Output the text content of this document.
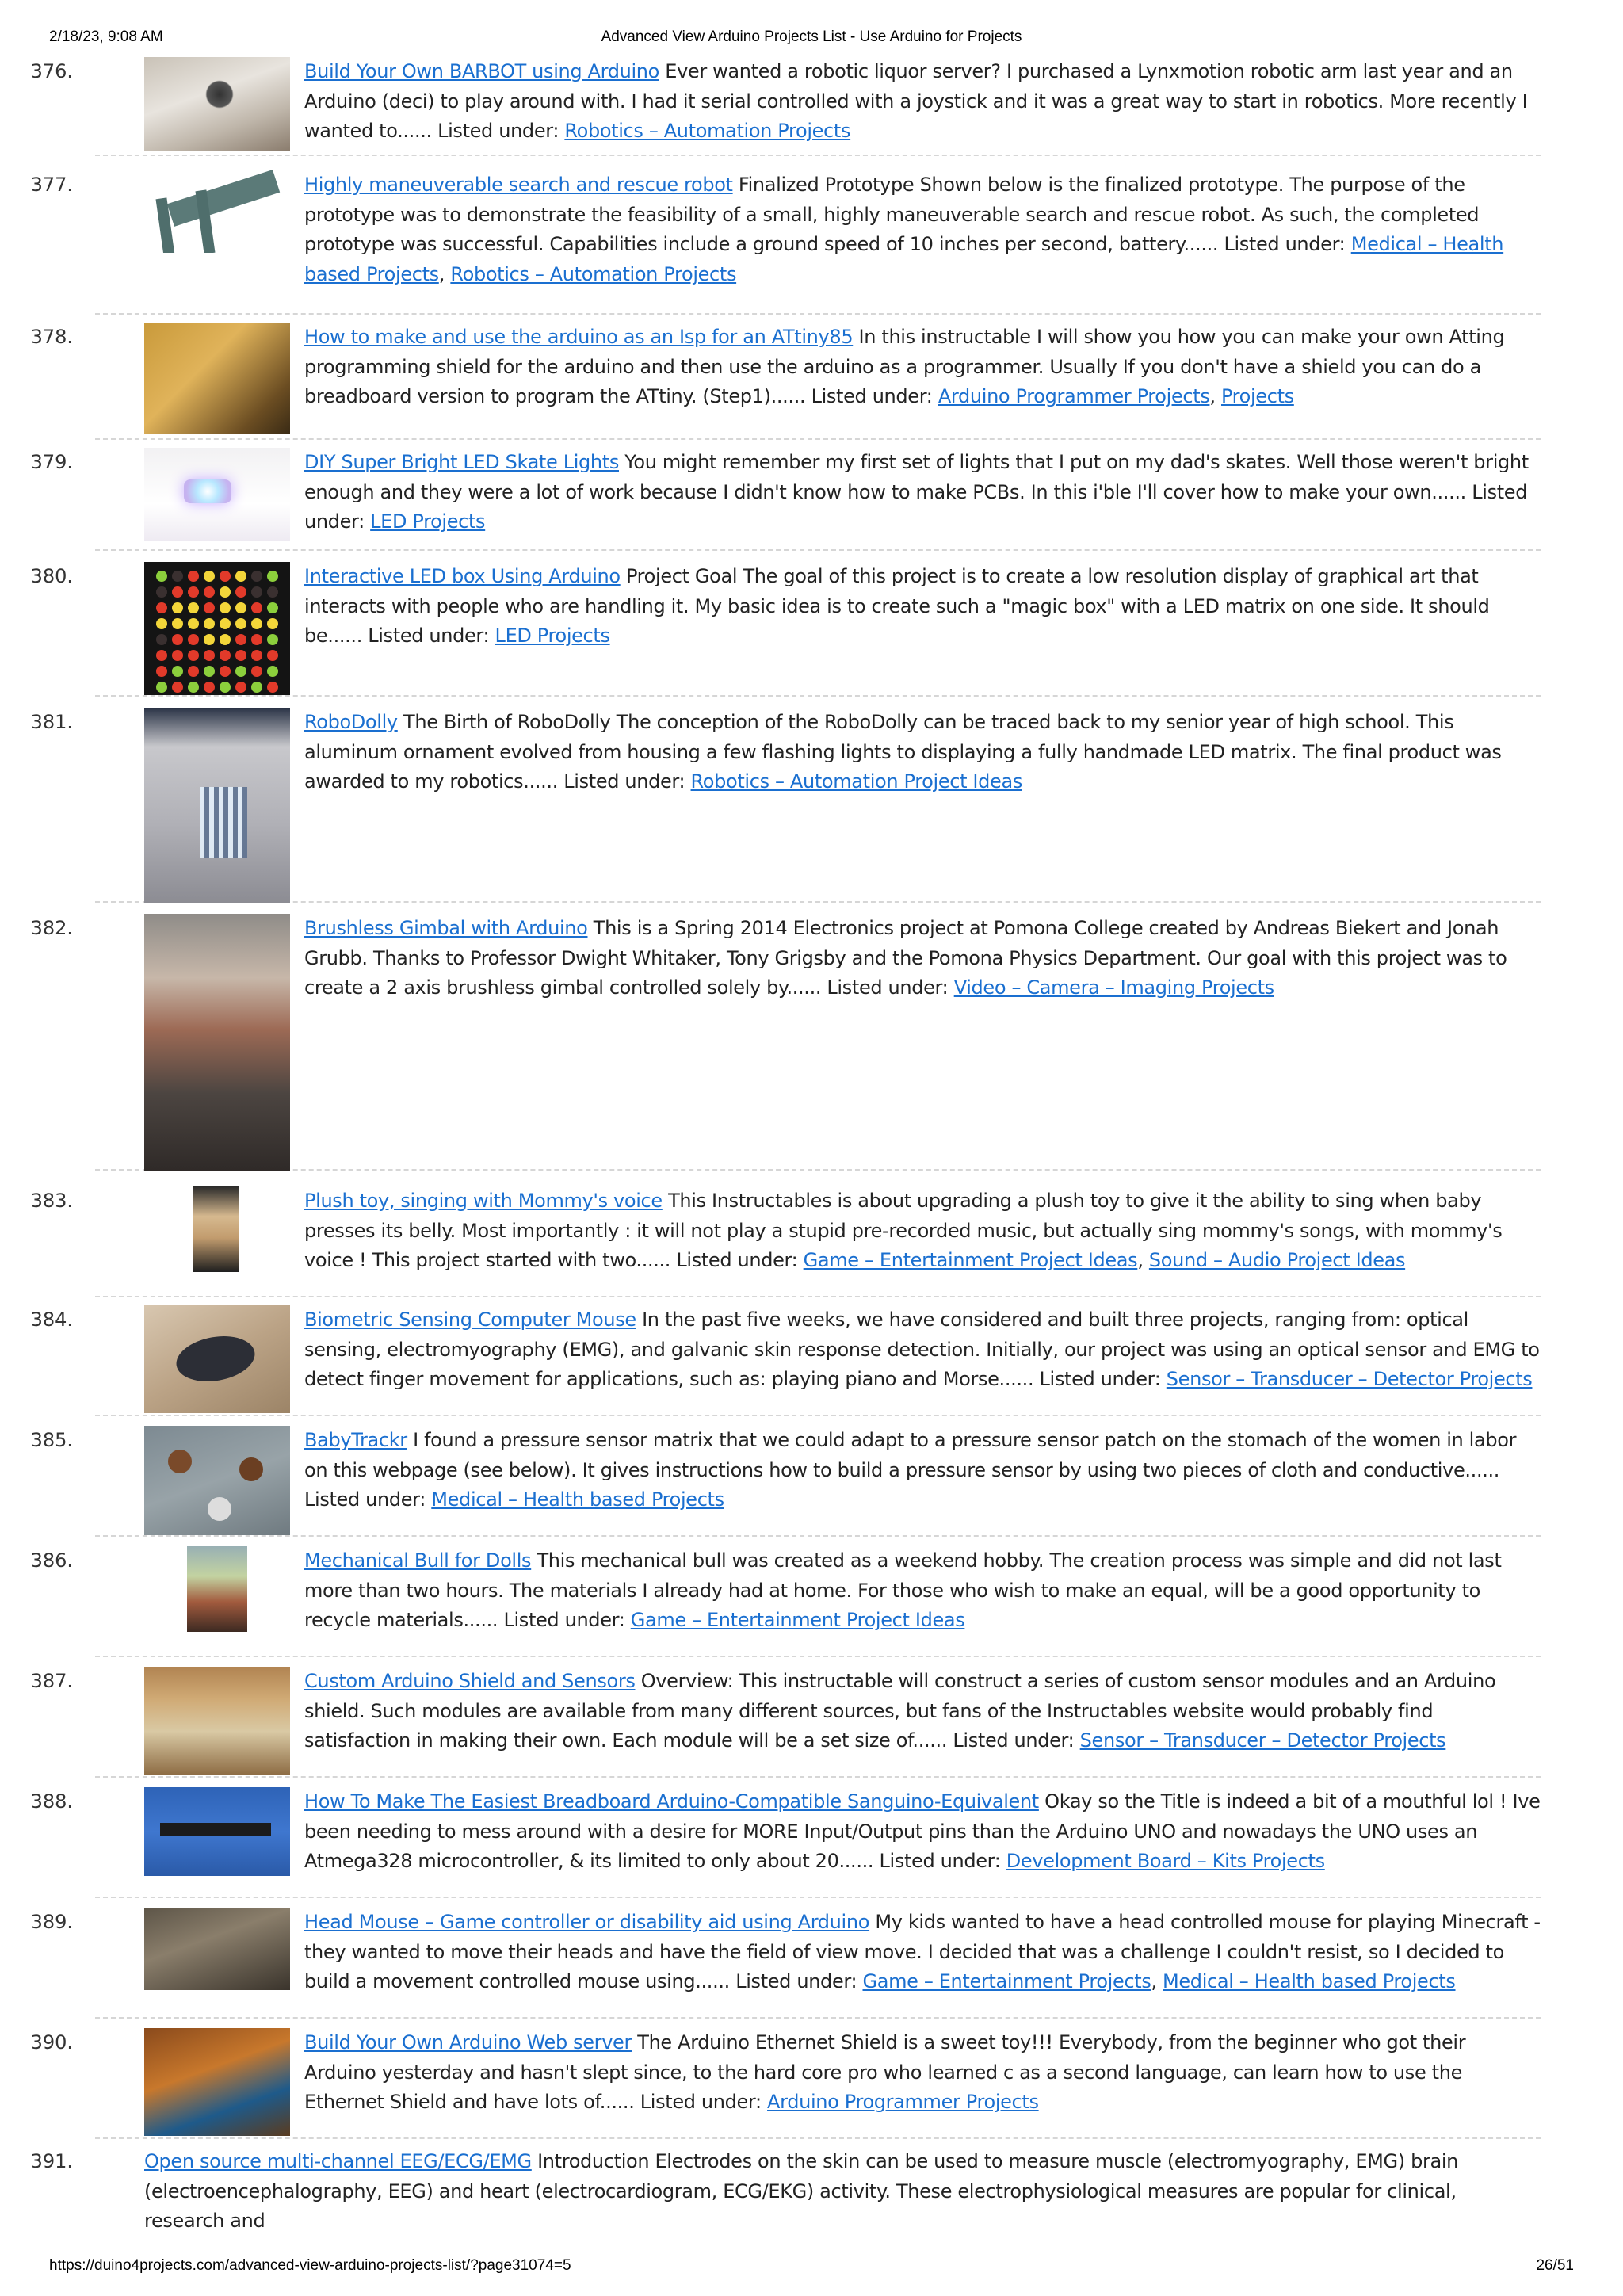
2/18/23, 9:08 AM	Advanced View Arduino Projects List - Use Arduino for Projects
376.	Build Your Own BARBOT using Arduino Ever wanted a robotic liquor server? I purchased a Lynxmotion robotic arm last year and an Arduino (deci) to play around with. I had it serial controlled with a joystick and it was a great way to start in robotics. More recently I wanted to...... Listed under: Robotics – Automation Projects
377.	Highly maneuverable search and rescue robot Finalized Prototype Shown below is the finalized prototype. The purpose of the prototype was to demonstrate the feasibility of a small, highly maneuverable search and rescue robot. As such, the completed prototype was successful. Capabilities include a ground speed of 10 inches per second, battery...... Listed under: Medical – Health based Projects, Robotics – Automation Projects
378.	How to make and use the arduino as an Isp for an ATtiny85 In this instructable I will show you how you can make your own Atting programming shield for the arduino and then use the arduino as a programmer. Usually If you don't have a shield you can do a breadboard version to program the ATtiny. (Step1)...... Listed under: Arduino Programmer Projects, Projects
379.	DIY Super Bright LED Skate Lights You might remember my first set of lights that I put on my dad's skates. Well those weren't bright enough and they were a lot of work because I didn't know how to make PCBs. In this i'ble I'll cover how to make your own...... Listed under: LED Projects
380.	Interactive LED box Using Arduino Project Goal The goal of this project is to create a low resolution display of graphical art that interacts with people who are handling it. My basic idea is to create such a "magic box" with a LED matrix on one side. It should be...... Listed under: LED Projects
381.	RoboDolly The Birth of RoboDolly The conception of the RoboDolly can be traced back to my senior year of high school. This aluminum ornament evolved from housing a few flashing lights to displaying a fully handmade LED matrix. The final product was awarded to my robotics...... Listed under: Robotics – Automation Project Ideas
382.	Brushless Gimbal with Arduino This is a Spring 2014 Electronics project at Pomona College created by Andreas Biekert and Jonah Grubb. Thanks to Professor Dwight Whitaker, Tony Grigsby and the Pomona Physics Department. Our goal with this project was to create a 2 axis brushless gimbal controlled solely by...... Listed under: Video – Camera – Imaging Projects
383.	Plush toy, singing with Mommy's voice This Instructables is about upgrading a plush toy to give it the ability to sing when baby presses its belly. Most importantly : it will not play a stupid pre-recorded music, but actually sing mommy's songs, with mommy's voice ! This project started with two...... Listed under: Game – Entertainment Project Ideas, Sound – Audio Project Ideas
384.	Biometric Sensing Computer Mouse In the past five weeks, we have considered and built three projects, ranging from: optical sensing, electromyography (EMG), and galvanic skin response detection. Initially, our project was using an optical sensor and EMG to detect finger movement for applications, such as: playing piano and Morse...... Listed under: Sensor – Transducer – Detector Projects
385.	BabyTrackr I found a pressure sensor matrix that we could adapt to a pressure sensor patch on the stomach of the women in labor on this webpage (see below). It gives instructions how to build a pressure sensor by using two pieces of cloth and conductive...... Listed under: Medical – Health based Projects
386.	Mechanical Bull for Dolls This mechanical bull was created as a weekend hobby. The creation process was simple and did not last more than two hours. The materials I already had at home. For those who wish to make an equal, will be a good opportunity to recycle materials...... Listed under: Game – Entertainment Project Ideas
387.	Custom Arduino Shield and Sensors Overview: This instructable will construct a series of custom sensor modules and an Arduino shield. Such modules are available from many different sources, but fans of the Instructables website would probably find satisfaction in making their own. Each module will be a set size of...... Listed under: Sensor – Transducer – Detector Projects
388.	How To Make The Easiest Breadboard Arduino-Compatible Sanguino-Equivalent Okay so the Title is indeed a bit of a mouthful lol ! Ive been needing to mess around with a desire for MORE Input/Output pins than the Arduino UNO and nowadays the UNO uses an Atmega328 microcontroller, & its limited to only about 20...... Listed under: Development Board – Kits Projects
389.	Head Mouse – Game controller or disability aid using Arduino My kids wanted to have a head controlled mouse for playing Minecraft - they wanted to move their heads and have the field of view move. I decided that was a challenge I couldn't resist, so I decided to build a movement controlled mouse using...... Listed under: Game – Entertainment Projects, Medical – Health based Projects
390.	Build Your Own Arduino Web server The Arduino Ethernet Shield is a sweet toy!!! Everybody, from the beginner who got their Arduino yesterday and hasn't slept since, to the hard core pro who learned c as a second language, can learn how to use the Ethernet Shield and have lots of...... Listed under: Arduino Programmer Projects
391.	Open source multi-channel EEG/ECG/EMG Introduction Electrodes on the skin can be used to measure muscle (electromyography, EMG) brain (electroencephalography, EEG) and heart (electrocardiogram, ECG/EKG) activity. These electrophysiological measures are popular for clinical, research and
https://duino4projects.com/advanced-view-arduino-projects-list/?page31074=5	26/51
